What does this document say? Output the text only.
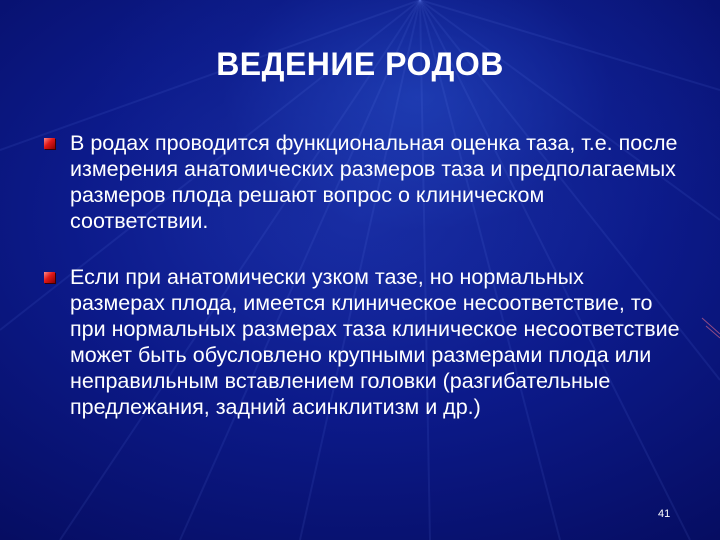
ВЕДЕНИЕ РОДОВ
В родах проводится функциональная оценка таза, т.е. после измерения анатомических размеров таза и предполагаемых размеров плода решают вопрос о клиническом соответствии.
Если при анатомически узком тазе, но нормальных размерах плода, имеется клиническое несоответствие, то при нормальных размерах таза клиническое несоответствие может быть обусловлено крупными размерами плода или неправильным вставлением головки (разгибательные предлежания, задний асинклитизм и др.)
41
